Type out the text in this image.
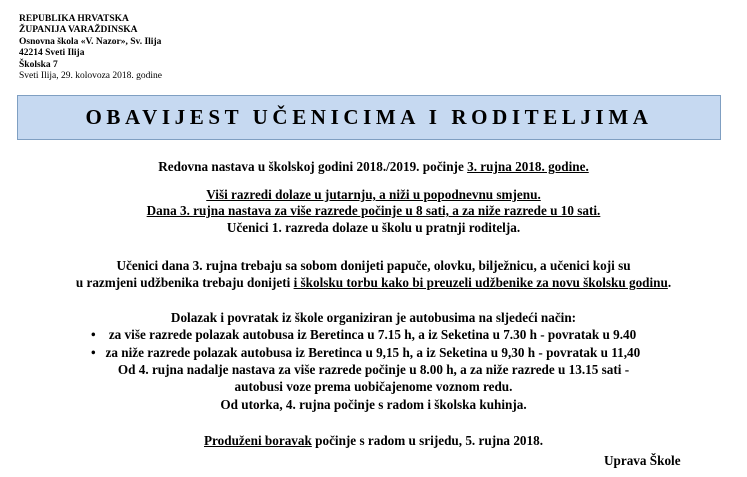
REPUBLIKA HRVATSKA
ŽUPANIJA VARAŽDINSKA
Osnovna škola «V. Nazor», Sv. Ilija
42214 Sveti Ilija
Školska 7
Sveti Ilija, 29. kolovoza 2018. godine
OBAVIJEST UČENICIMA I RODITELJIMA
Redovna nastava u školskoj godini 2018./2019. počinje 3. rujna 2018. godine.
Viši razredi dolaze u jutarnju, a niži u popodnevnu smjenu.
Dana 3. rujna nastava za više razrede počinje u 8 sati, a za niže razrede u 10 sati.
Učenici 1. razreda dolaze u školu u pratnji roditelja.
Učenici dana 3. rujna trebaju sa sobom donijeti papuče, olovku, bilježnicu, a učenici koji su
u razmjeni udžbenika trebaju donijeti i školsku torbu kako bi preuzeli udžbenike za novu školsku godinu.
Dolazak i povratak iz škole organiziran je autobusima na sljedeći način:
•    za više razrede polazak autobusa iz Beretinca u 7.15 h, a iz Seketina u 7.30 h - povratak u 9.40
•   za niže razrede polazak autobusa iz Beretinca u 9,15 h, a iz Seketina u 9,30 h - povratak u 11,40
Od 4. rujna nadalje nastava za više razrede počinje u 8.00 h, a za niže razrede u 13.15 sati -
autobusi voze prema uobičajenome voznom redu.
Od utorka, 4. rujna počinje s radom i školska kuhinja.
Produženi boravak počinje s radom u srijedu, 5. rujna 2018.
Uprava Škole
